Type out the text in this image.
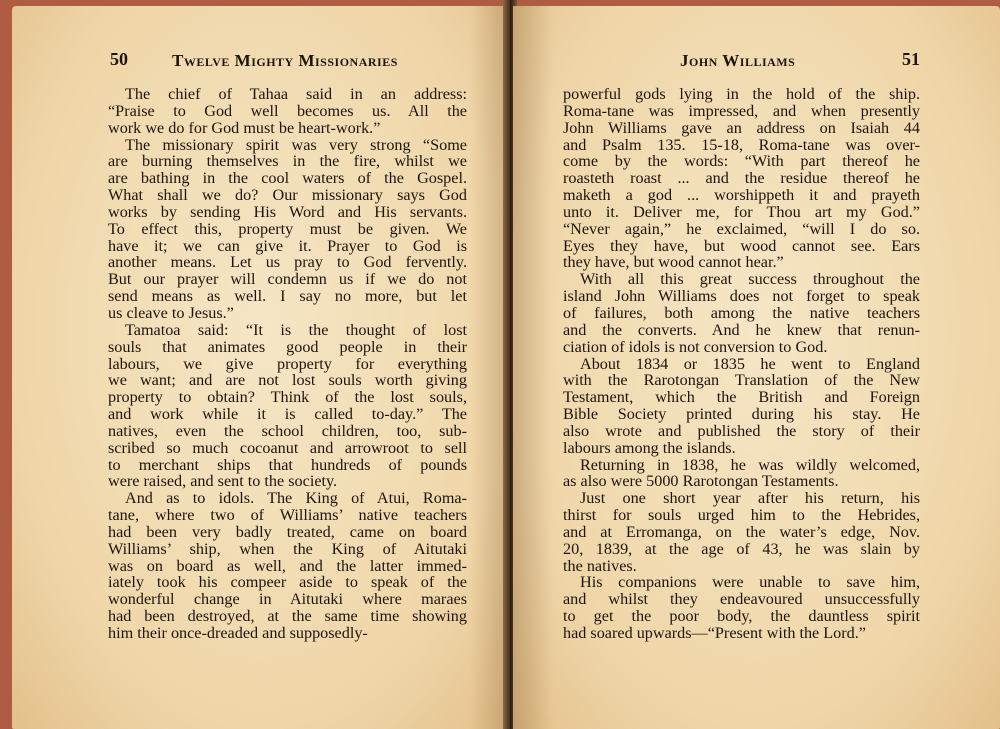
50	Twelve Mighty Missionaries
The chief of Tahaa said in an address:
“Praise to God well becomes us. All the
work we do for God must be heart-work.”
The missionary spirit was very strong “Some
are burning themselves in the fire, whilst we
are bathing in the cool waters of the Gospel.
What shall we do? Our missionary says God
works by sending His Word and His servants.
To effect this, property must be given. We
have it; we can give it. Prayer to God is
another means. Let us pray to God fervently.
But our prayer will condemn us if we do not
send means as well. I say no more, but let
us cleave to Jesus.”
Tamatoa said: “It is the thought of lost
souls that animates good people in their
labours, we give property for everything
we want; and are not lost souls worth giving
property to obtain? Think of the lost souls,
and work while it is called to-day.” The
natives, even the school children, too, sub-
scribed so much cocoanut and arrowroot to sell
to merchant ships that hundreds of pounds
were raised, and sent to the society.
And as to idols. The King of Atui, Roma-
tane, where two of Williams’ native teachers
had been very badly treated, came on board
Williams’ ship, when the King of Aitutaki
was on board as well, and the latter immed-
iately took his compeer aside to speak of the
wonderful change in Aitutaki where maraes
had been destroyed, at the same time showing
him their once-dreaded and supposedly-
John Williams	51
powerful gods lying in the hold of the ship.
Roma-tane was impressed, and when presently
John Williams gave an address on Isaiah 44
and Psalm 135. 15-18, Roma-tane was over-
come by the words: “With part thereof he
roasteth roast ... and the residue thereof he
maketh a god ... worshippeth it and prayeth
unto it. Deliver me, for Thou art my God.”
“Never again,” he exclaimed, “will I do so.
Eyes they have, but wood cannot see. Ears
they have, but wood cannot hear.”
With all this great success throughout the
island John Williams does not forget to speak
of failures, both among the native teachers
and the converts. And he knew that renun-
ciation of idols is not conversion to God.
About 1834 or 1835 he went to England
with the Rarotongan Translation of the New
Testament, which the British and Foreign
Bible Society printed during his stay. He
also wrote and published the story of their
labours among the islands.
Returning in 1838, he was wildly welcomed,
as also were 5000 Rarotongan Testaments.
Just one short year after his return, his
thirst for souls urged him to the Hebrides,
and at Erromanga, on the water’s edge, Nov.
20, 1839, at the age of 43, he was slain by
the natives.
His companions were unable to save him,
and whilst they endeavoured unsuccessfully
to get the poor body, the dauntless spirit
had soared upwards—“Present with the Lord.”
